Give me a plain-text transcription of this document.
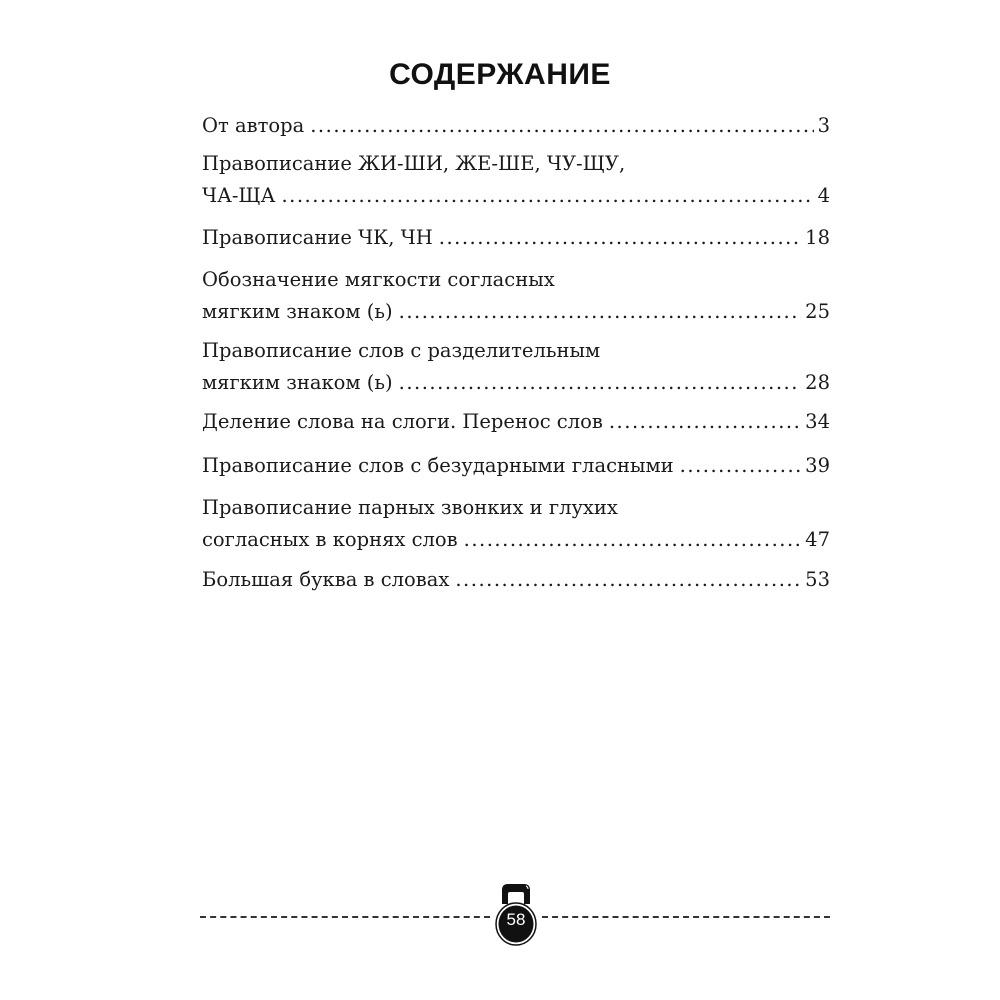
СОДЕРЖАНИЕ
От автора .....	3
Правописание ЖИ-ШИ, ЖЕ-ШЕ, ЧУ-ЩУ,
ЧА-ЩА .....	4
Правописание ЧК, ЧН .....	18
Обозначение мягкости согласных
мягким знаком (ь) .....	25
Правописание слов с разделительным
мягким знаком (ь) .....	28
Деление слова на слоги. Перенос слов .....	34
Правописание слов с безударными гласными .....	39
Правописание парных звонких и глухих
согласных в корнях слов .....	47
Большая буква в словах .....	53
58
